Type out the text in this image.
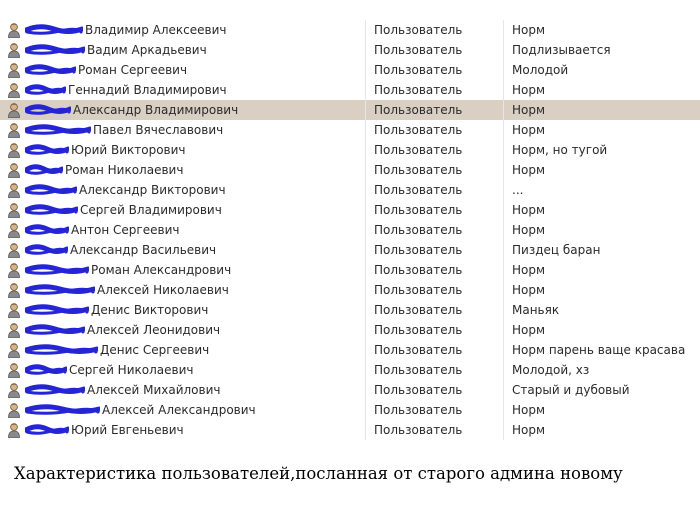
Владимир Алексеевич	Пользователь	Норм
Вадим Аркадьевич	Пользователь	Подлизывается
Роман Сергеевич	Пользователь	Молодой
Геннадий Владимирович	Пользователь	Норм
Александр Владимирович	Пользователь	Норм
Павел Вячеславович	Пользователь	Норм
Юрий Викторович	Пользователь	Норм, но тугой
Роман Николаевич	Пользователь	Норм
Александр Викторович	Пользователь	...
Сергей Владимирович	Пользователь	Норм
Антон Сергеевич	Пользователь	Норм
Александр Васильевич	Пользователь	Пиздец баран
Роман Александрович	Пользователь	Норм
Алексей Николаевич	Пользователь	Норм
Денис Викторович	Пользователь	Маньяк
Алексей Леонидович	Пользователь	Норм
Денис Сергеевич	Пользователь	Норм парень ваще красава
Сергей Николаевич	Пользователь	Молодой, хз
Алексей Михайлович	Пользователь	Старый и дубовый
Алексей Александрович	Пользователь	Норм
Юрий Евгеньевич	Пользователь	Норм
Характеристика пользователей,посланная от старого админа новому
